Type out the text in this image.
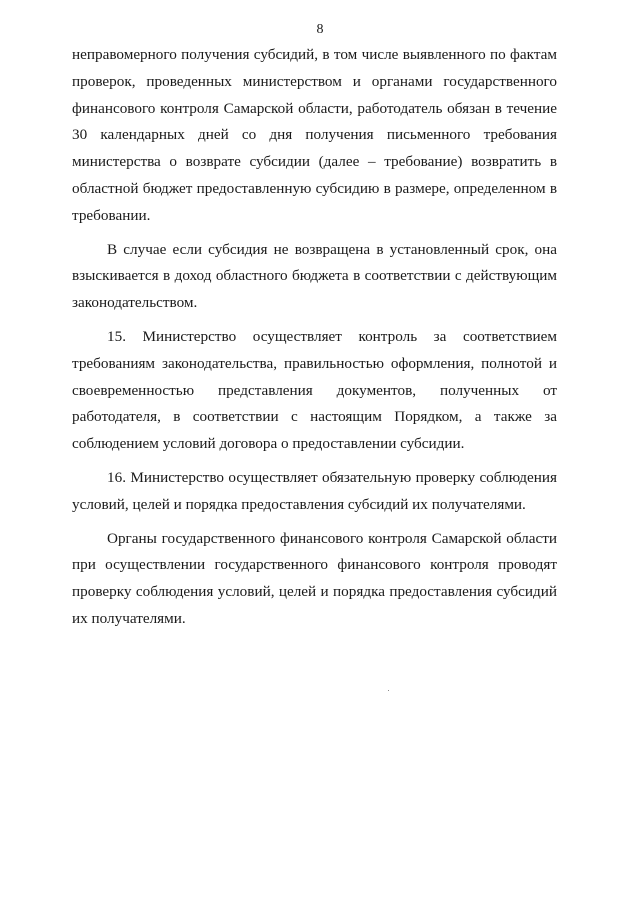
8

неправомерного получения субсидий, в том числе выявленного по фактам проверок, проведенных министерством и органами государственного финансового контроля Самарской области, работодатель обязан в течение 30 календарных дней со дня получения письменного требования министерства о возврате субсидии (далее – требование) возвратить в областной бюджет предоставленную субсидию в размере, определенном в требовании.

В случае если субсидия не возвращена в установленный срок, она взыскивается в доход областного бюджета в соответствии с действующим законодательством.

15. Министерство осуществляет контроль за соответствием требованиям законодательства, правильностью оформления, полнотой и своевременностью представления документов, полученных от работодателя, в соответствии с настоящим Порядком, а также за соблюдением условий договора о предоставлении субсидии.

16. Министерство осуществляет обязательную проверку соблюдения условий, целей и порядка предоставления субсидий их получателями.

Органы государственного финансового контроля Самарской области при осуществлении государственного финансового контроля проводят проверку соблюдения условий, целей и порядка предоставления субсидий их получателями.
